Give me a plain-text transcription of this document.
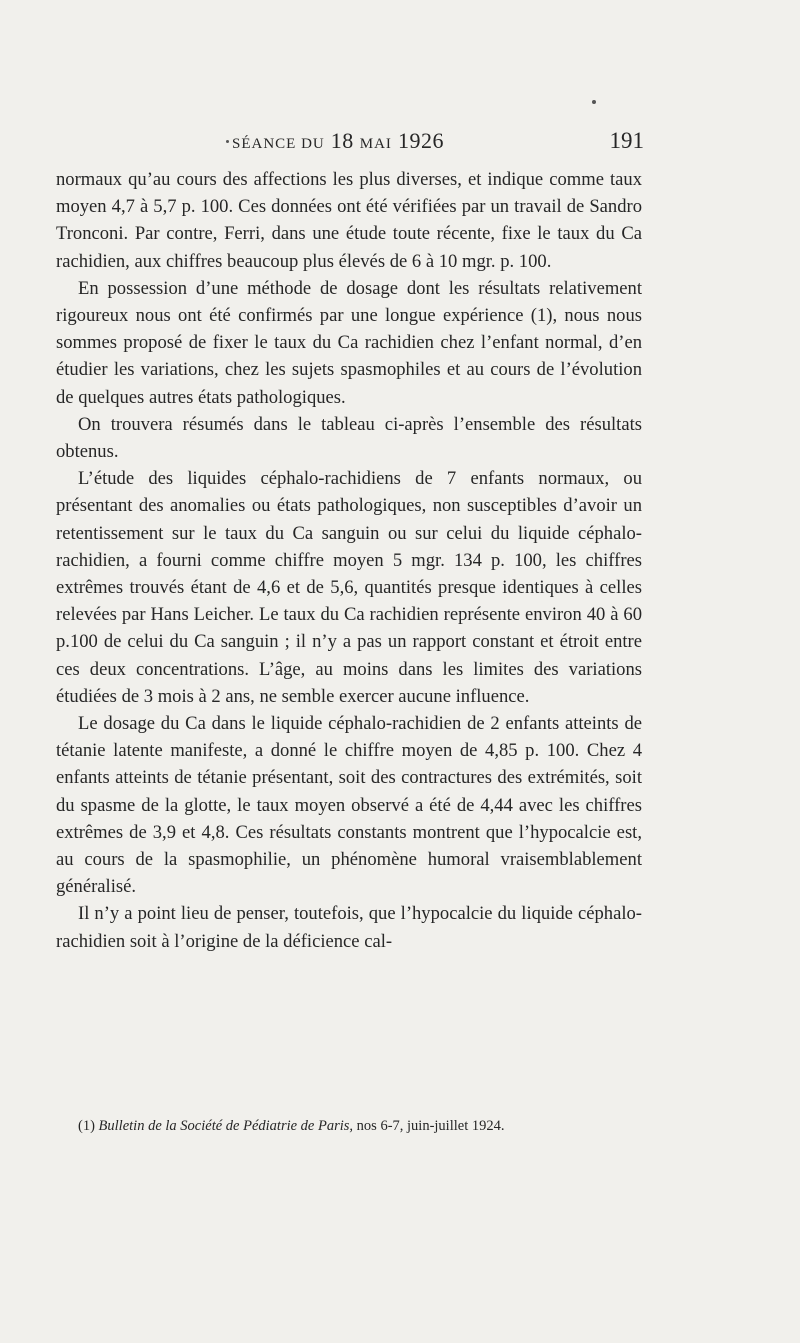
SÉANCE DU 18 MAI 1926	191

normaux qu’au cours des affections les plus diverses, et indique comme taux moyen 4,7 à 5,7 p. 100. Ces données ont été vérifiées par un travail de Sandro Tronconi. Par contre, Ferri, dans une étude toute récente, fixe le taux du Ca rachidien, aux chiffres beaucoup plus élevés de 6 à 10 mgr. p. 100.

En possession d’une méthode de dosage dont les résultats relativement rigoureux nous ont été confirmés par une longue expérience (1), nous nous sommes proposé de fixer le taux du Ca rachidien chez l’enfant normal, d’en étudier les variations, chez les sujets spasmophiles et au cours de l’évolution de quelques autres états pathologiques.

On trouvera résumés dans le tableau ci-après l’ensemble des résultats obtenus.

L’étude des liquides céphalo-rachidiens de 7 enfants normaux, ou présentant des anomalies ou états pathologiques, non susceptibles d’avoir un retentissement sur le taux du Ca sanguin ou sur celui du liquide céphalo-rachidien, a fourni comme chiffre moyen 5 mgr. 134 p. 100, les chiffres extrêmes trouvés étant de 4,6 et de 5,6, quantités presque identiques à celles relevées par Hans Leicher. Le taux du Ca rachidien représente environ 40 à 60 p.100 de celui du Ca sanguin ; il n’y a pas un rapport constant et étroit entre ces deux concentrations. L’âge, au moins dans les limites des variations étudiées de 3 mois à 2 ans, ne semble exercer aucune influence.

Le dosage du Ca dans le liquide céphalo-rachidien de 2 enfants atteints de tétanie latente manifeste, a donné le chiffre moyen de 4,85 p. 100. Chez 4 enfants atteints de tétanie présentant, soit des contractures des extrémités, soit du spasme de la glotte, le taux moyen observé a été de 4,44 avec les chiffres extrêmes de 3,9 et 4,8. Ces résultats constants montrent que l’hypocalcie est, au cours de la spasmophilie, un phénomène humoral vraisemblablement généralisé.

Il n’y a point lieu de penser, toutefois, que l’hypocalcie du liquide céphalo-rachidien soit à l’origine de la déficience cal-

(1) Bulletin de la Société de Pédiatrie de Paris, nos 6-7, juin-juillet 1924.
